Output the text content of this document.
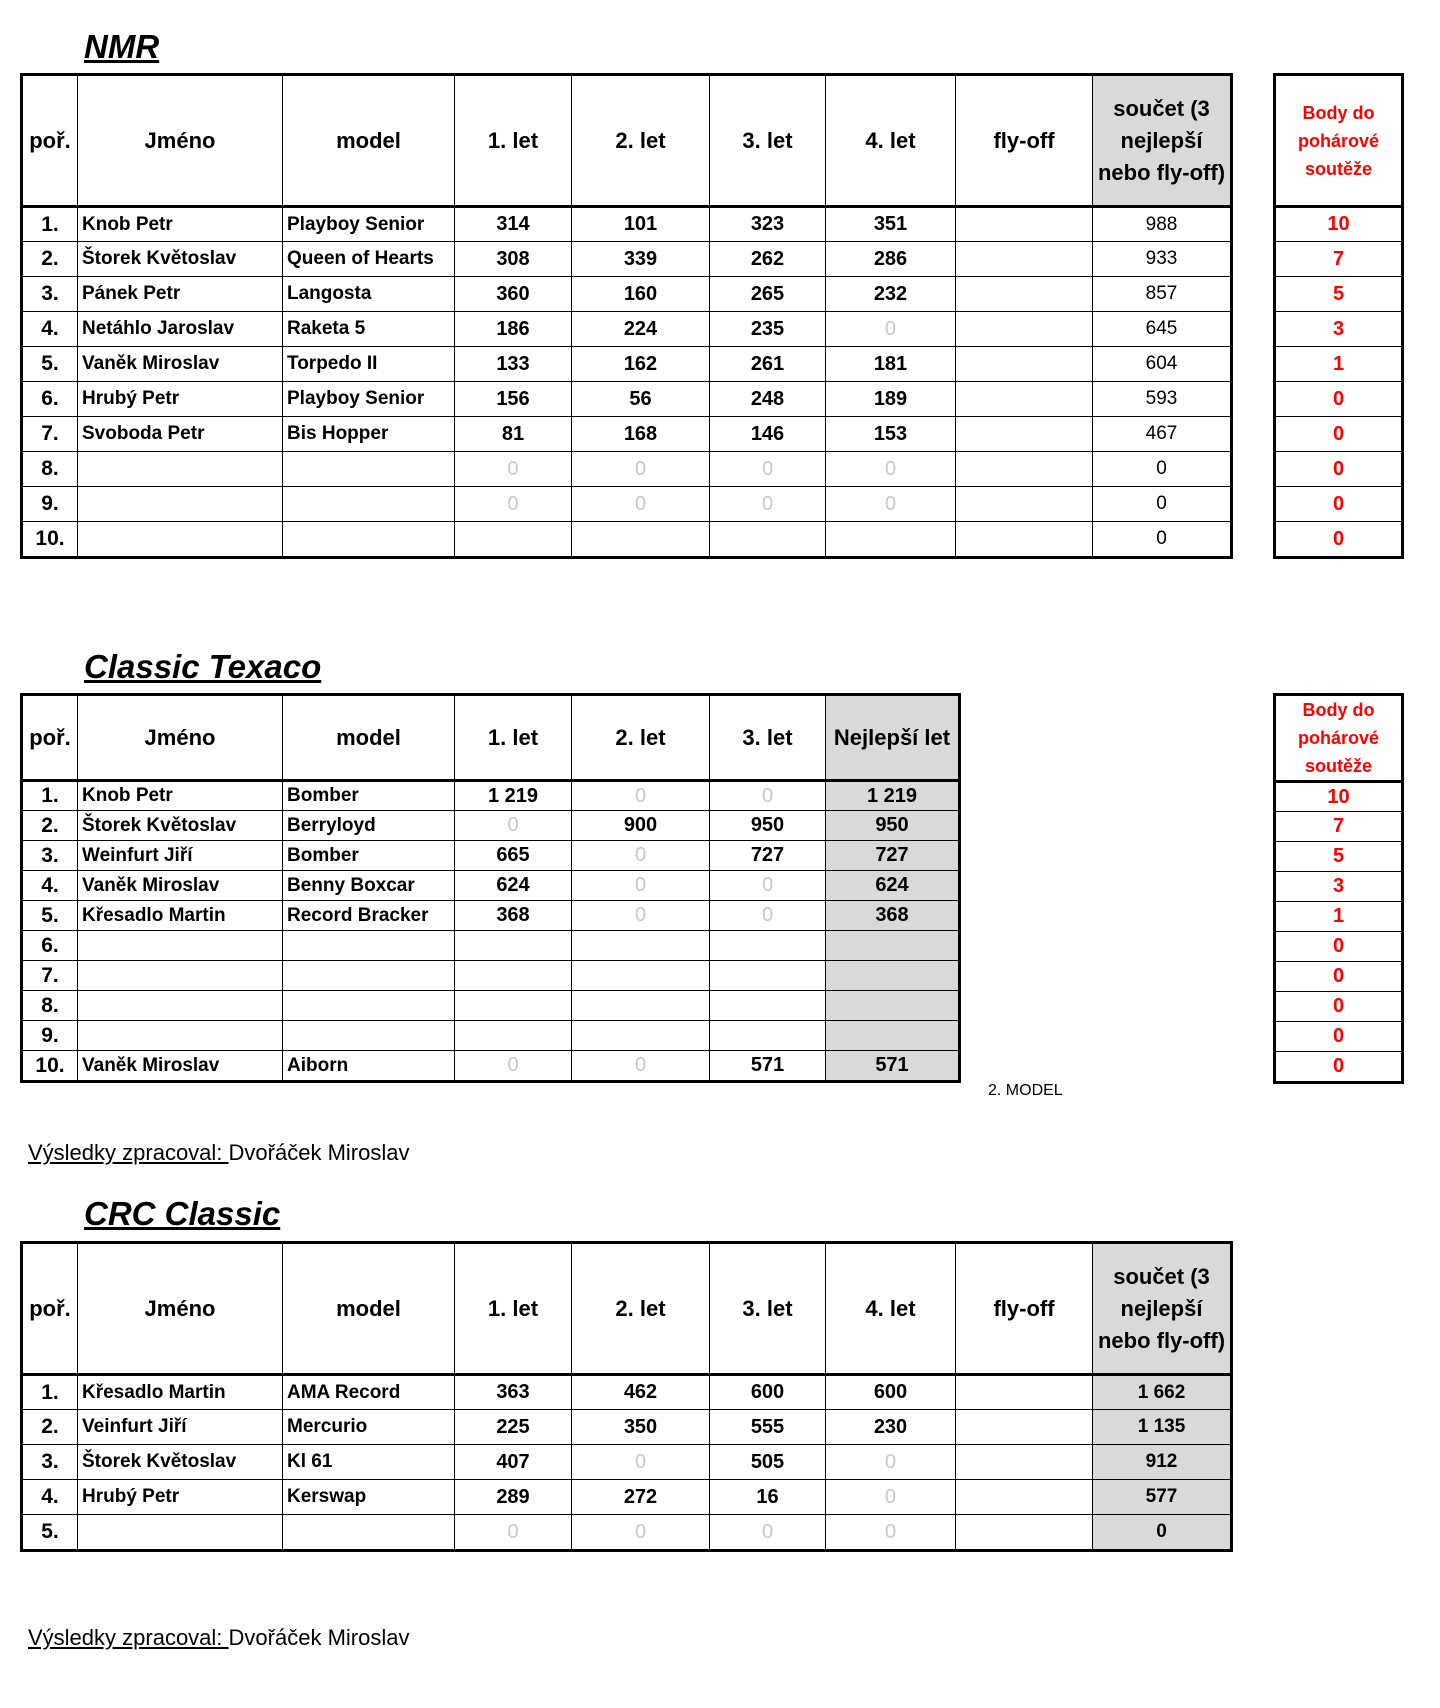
NMR
poř.	Jméno	model	1. let	2. let	3. let	4. let	fly-off	součet (3 nejlepší nebo fly-off)
1.	Knob Petr	Playboy Senior	314	101	323	351		988
2.	Štorek Květoslav	Queen of Hearts	308	339	262	286		933
3.	Pánek Petr	Langosta	360	160	265	232		857
4.	Netáhlo Jaroslav	Raketa 5	186	224	235	0		645
5.	Vaněk Miroslav	Torpedo II	133	162	261	181		604
6.	Hrubý Petr	Playboy Senior	156	56	248	189		593
7.	Svoboda Petr	Bis Hopper	81	168	146	153		467
8.			0	0	0	0		0
9.			0	0	0	0		0
10.								0
Body do pohárové soutěže
10
7
5
3
1
0
0
0
0
0
Classic Texaco
poř.	Jméno	model	1. let	2. let	3. let	Nejlepší let
1.	Knob Petr	Bomber	1 219	0	0	1 219
2.	Štorek Květoslav	Berryloyd	0	900	950	950
3.	Weinfurt Jiří	Bomber	665	0	727	727
4.	Vaněk Miroslav	Benny Boxcar	624	0	0	624
5.	Křesadlo Martin	Record Bracker	368	0	0	368
6.						
7.						
8.						
9.						
10.	Vaněk Miroslav	Aiborn	0	0	571	571
2. MODEL
Body do pohárové soutěže
10
7
5
3
1
0
0
0
0
0
Výsledky zpracoval: Dvořáček Miroslav
CRC Classic
poř.	Jméno	model	1. let	2. let	3. let	4. let	fly-off	součet (3 nejlepší nebo fly-off)
1.	Křesadlo Martin	AMA Record	363	462	600	600		1 662
2.	Veinfurt Jiří	Mercurio	225	350	555	230		1 135
3.	Štorek Květoslav	Kl 61	407	0	505	0		912
4.	Hrubý Petr	Kerswap	289	272	16	0		577
5.			0	0	0	0		0
Výsledky zpracoval: Dvořáček Miroslav
